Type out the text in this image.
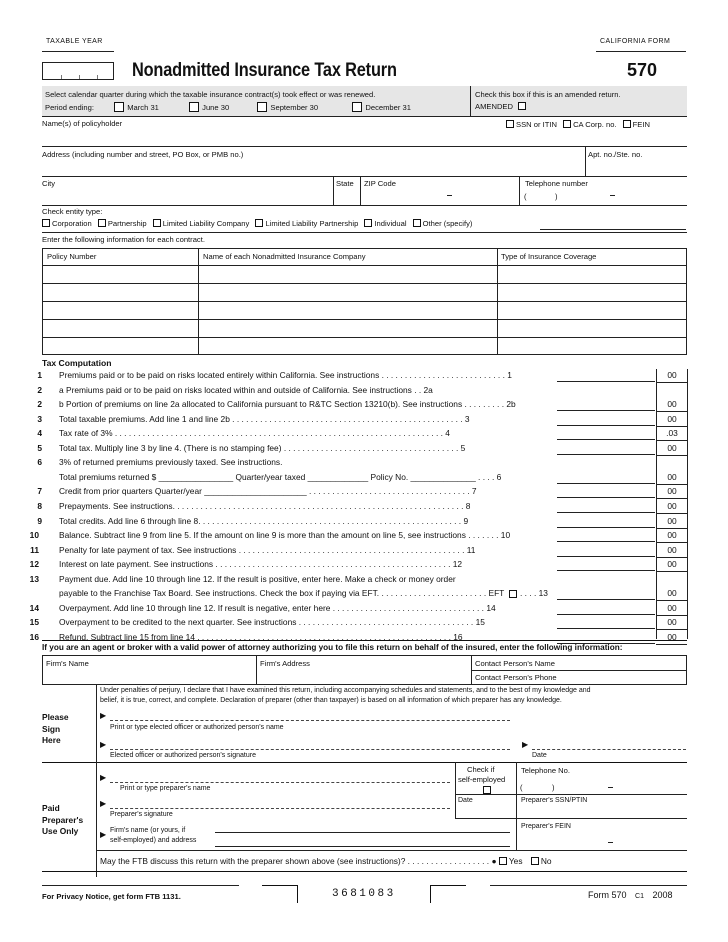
TAXABLE YEAR	CALIFORNIA FORM
Nonadmitted Insurance Tax Return	570
Select calendar quarter during which the taxable insurance contract(s) took effect or was renewed.
Period ending:	March 31	June 30	September 30	December 31
Check this box if this is an amended return.
AMENDED
Name(s) of policyholder	SSN or ITIN CA Corp. no. FEIN
Address (including number and street, PO Box, or PMB no.)	Apt. no./Ste. no.
City	State ZIP Code	Telephone number
(	)
Check entity type:
Corporation Partnership Limited Liability Company Limited Liability Partnership Individual Other (specify)
Enter the following information for each contract.
Policy Number	Name of each Nonadmitted Insurance Company	Type of Insurance Coverage
Tax Computation
1 Premiums paid or to be paid on risks located entirely within California. See instructions . . . . . . . . . . . . . . . . . . . . . . . . . . . 1	00
2 a Premiums paid or to be paid on risks located within and outside of California. See instructions . . 2a
2 b Portion of premiums on line 2a allocated to California pursuant to R&TC Section 13210(b). See instructions . . . . . . . . . 2b	00
3 Total taxable premiums. Add line 1 and line 2b . . . . . . . . . . . . . . . . . . . . . . . . . . . . . . . . . . . . . . . . . . . . . . . . . . 3	00
4 Tax rate of 3% . . . . . . . . . . . . . . . . . . . . . . . . . . . . . . . . . . . . . . . . . . . . . . . . . . . . . . . . . . . . . . . . . . . . . . . 4	.03
5 Total tax. Multiply line 3 by line 4. (There is no stamping fee) . . . . . . . . . . . . . . . . . . . . . . . . . . . . . . . . . . . . . . 5	00
6 3% of returned premiums previously taxed. See instructions.
Total premiums returned $ ________________ Quarter/year taxed _____________ Policy No. ______________ . . . . 6	00
7 Credit from prior quarters Quarter/year ______________________ . . . . . . . . . . . . . . . . . . . . . . . . . . . . . . . . . . . 7	00
8 Prepayments. See instructions. . . . . . . . . . . . . . . . . . . . . . . . . . . . . . . . . . . . . . . . . . . . . . . . . . . . . . . . . . . . . . . 8	00
9 Total credits. Add line 6 through line 8. . . . . . . . . . . . . . . . . . . . . . . . . . . . . . . . . . . . . . . . . . . . . . . . . . . . . . . . . 9	00
10 Balance. Subtract line 9 from line 5. If the amount on line 9 is more than the amount on line 5, see instructions . . . . . . . 10	00
11 Penalty for late payment of tax. See instructions . . . . . . . . . . . . . . . . . . . . . . . . . . . . . . . . . . . . . . . . . . . . . . . . . 11	00
12 Interest on late payment. See instructions . . . . . . . . . . . . . . . . . . . . . . . . . . . . . . . . . . . . . . . . . . . . . . . . . . . 12	00
13 Payment due. Add line 10 through line 12. If the result is positive, enter here. Make a check or money order
payable to the Franchise Tax Board. See instructions. Check the box if paying via EFT. . . . . . . . . . . . . . . . . . . . . . . . EFT	. . . . 13	00
14 Overpayment. Add line 10 through line 12. If result is negative, enter here . . . . . . . . . . . . . . . . . . . . . . . . . . . . . . . . . 14	00
15 Overpayment to be credited to the next quarter. See instructions . . . . . . . . . . . . . . . . . . . . . . . . . . . . . . . . . . . . . . 15	00
16 Refund. Subtract line 15 from line 14 . . . . . . . . . . . . . . . . . . . . . . . . . . . . . . . . . . . . . . . . . . . . . . . . . . . . . . . 16	00
If you are an agent or broker with a valid power of attorney authorizing you to file this return on behalf of the insured, enter the following information:
Firm's Name	Firm's Address	Contact Person's Name
Contact Person's Phone
Under penalties of perjury, I declare that I have examined this return, including accompanying schedules and statements, and to the best of my knowledge and
belief, it is true, correct, and complete. Declaration of preparer (other than taxpayer) is based on all information of which preparer has any knowledge.
Please
Sign
Here
▶
Print or type elected officer or authorized person's name
▶
Elected officer or authorized person's signature
▶
Date
Paid
Preparer's
Use Only
▶
Print or type preparer's name
Check if
self-employed
Telephone No.
(	)
Date	Preparer's SSN/PTIN
▶
Preparer's signature
Preparer's FEIN
▶ Firm's name (or yours, if
self-employed) and address
May the FTB discuss this return with the preparer shown above (see instructions)? . . . . . . . . . . . . . . . . . . ● Yes No
For Privacy Notice, get form FTB 1131.	3681083	Form 570 C1 2008
